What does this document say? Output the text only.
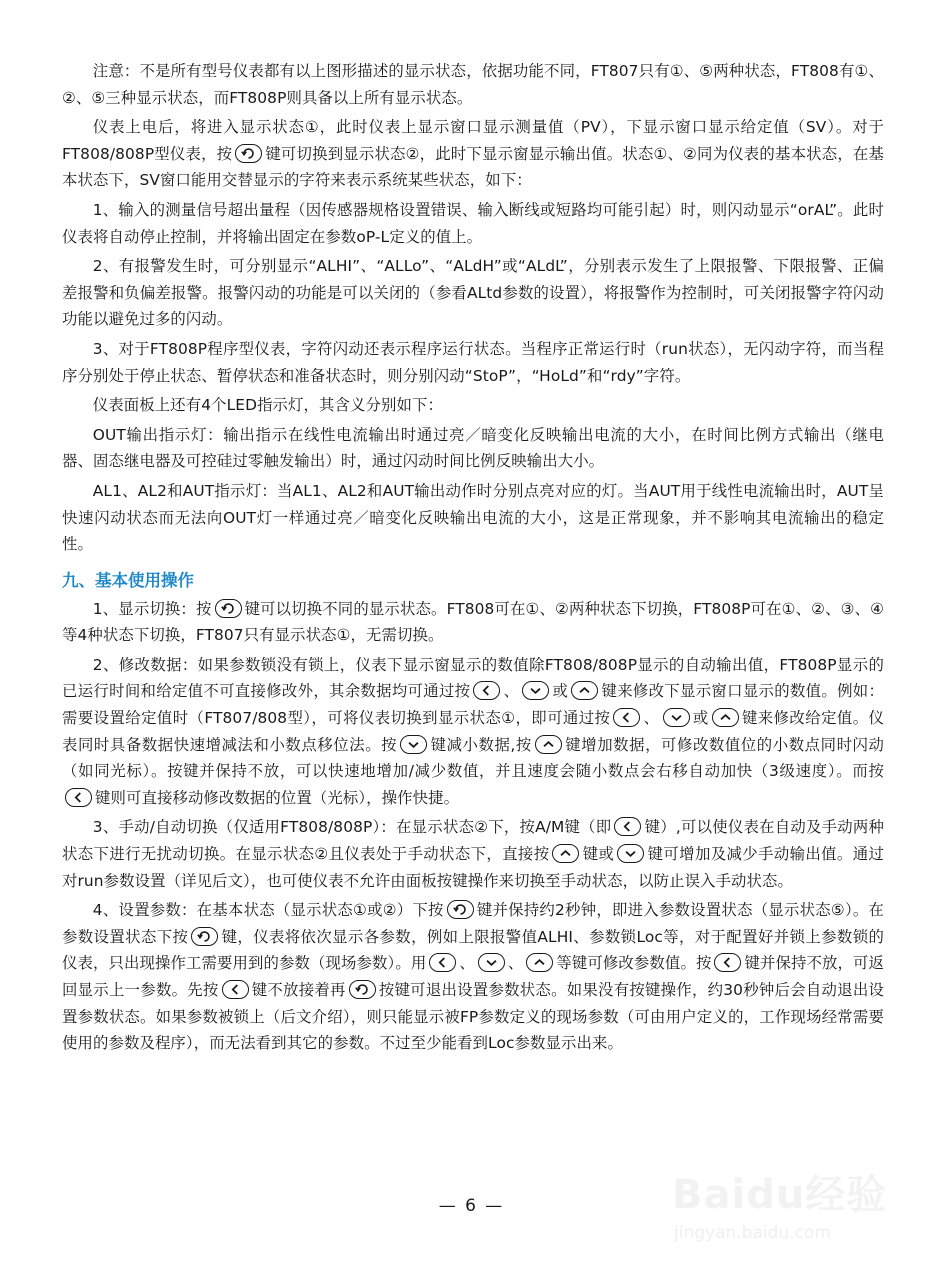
注意：不是所有型号仪表都有以上图形描述的显示状态，依据功能不同，FT807只有①、⑤两种状态，FT808有①、②、⑤三种显示状态，而FT808P则具备以上所有显示状态。

仪表上电后，将进入显示状态①，此时仪表上显示窗口显示测量值（PV），下显示窗口显示给定值（SV）。对于FT808/808P型仪表，按 键可切换到显示状态②，此时下显示窗显示输出值。状态①、②同为仪表的基本状态，在基本状态下，SV窗口能用交替显示的字符来表示系统某些状态，如下：

1、输入的测量信号超出量程（因传感器规格设置错误、输入断线或短路均可能引起）时，则闪动显示“orAL”。此时仪表将自动停止控制，并将输出固定在参数oP-L定义的值上。

2、有报警发生时，可分别显示“ALHI”、“ALLo”、“ALdH”或“ALdL”，分别表示发生了上限报警、下限报警、正偏差报警和负偏差报警。报警闪动的功能是可以关闭的（参看ALtd参数的设置），将报警作为控制时，可关闭报警字符闪动功能以避免过多的闪动。

3、对于FT808P程序型仪表，字符闪动还表示程序运行状态。当程序正常运行时（run状态），无闪动字符，而当程序分别处于停止状态、暂停状态和准备状态时，则分别闪动“StoP”，“HoLd”和“rdy”字符。

仪表面板上还有4个LED指示灯，其含义分别如下：

OUT输出指示灯：输出指示在线性电流输出时通过亮／暗变化反映输出电流的大小，在时间比例方式输出（继电器、固态继电器及可控硅过零触发输出）时，通过闪动时间比例反映输出大小。

AL1、AL2和AUT指示灯：当AL1、AL2和AUT输出动作时分别点亮对应的灯。当AUT用于线性电流输出时，AUT呈快速闪动状态而无法向OUT灯一样通过亮／暗变化反映输出电流的大小，这是正常现象，并不影响其电流输出的稳定性。

九、基本使用操作

1、显示切换：按 键可以切换不同的显示状态。FT808可在①、②两种状态下切换，FT808P可在①、②、③、④等4种状态下切换，FT807只有显示状态①，无需切换。

2、修改数据：如果参数锁没有锁上，仪表下显示窗显示的数值除FT808/808P显示的自动输出值，FT808P显示的已运行时间和给定值不可直接修改外，其余数据均可通过按 、 或 键来修改下显示窗口显示的数值。例如：需要设置给定值时（FT807/808型），可将仪表切换到显示状态①，即可通过按 、 或 键来修改给定值。仪表同时具备数据快速增减法和小数点移位法。按 键减小数据,按 键增加数据，可修改数值位的小数点同时闪动（如同光标）。按键并保持不放，可以快速地增加/减少数值，并且速度会随小数点会右移自动加快（3级速度）。而按
键则可直接移动修改数据的位置（光标），操作快捷。

3、手动/自动切换（仅适用FT808/808P）：在显示状态②下，按A/M键（即 键）,可以使仪表在自动及手动两种状态下进行无扰动切换。在显示状态②且仪表处于手动状态下，直接按 键或 键可增加及减少手动输出值。通过对run参数设置（详见后文），也可使仪表不允许由面板按键操作来切换至手动状态，以防止误入手动状态。

4、设置参数：在基本状态（显示状态①或②）下按 键并保持约2秒钟，即进入参数设置状态（显示状态⑤）。在参数设置状态下按 键，仪表将依次显示各参数，例如上限报警值ALHI、参数锁Loc等，对于配置好并锁上参数锁的仪表，只出现操作工需要用到的参数（现场参数）。用 、 、 等键可修改参数值。按 键并保持不放，可返回显示上一参数。先按 键不放接着再 按键可退出设置参数状态。如果没有按键操作，约30秒钟后会自动退出设置参数状态。如果参数被锁上（后文介绍），则只能显示被FP参数定义的现场参数（可由用户定义的，工作现场经常需要使用的参数及程序），而无法看到其它的参数。不过至少能看到Loc参数显示出来。

— 6 —	Baidu经验
jingyan.baidu.com
